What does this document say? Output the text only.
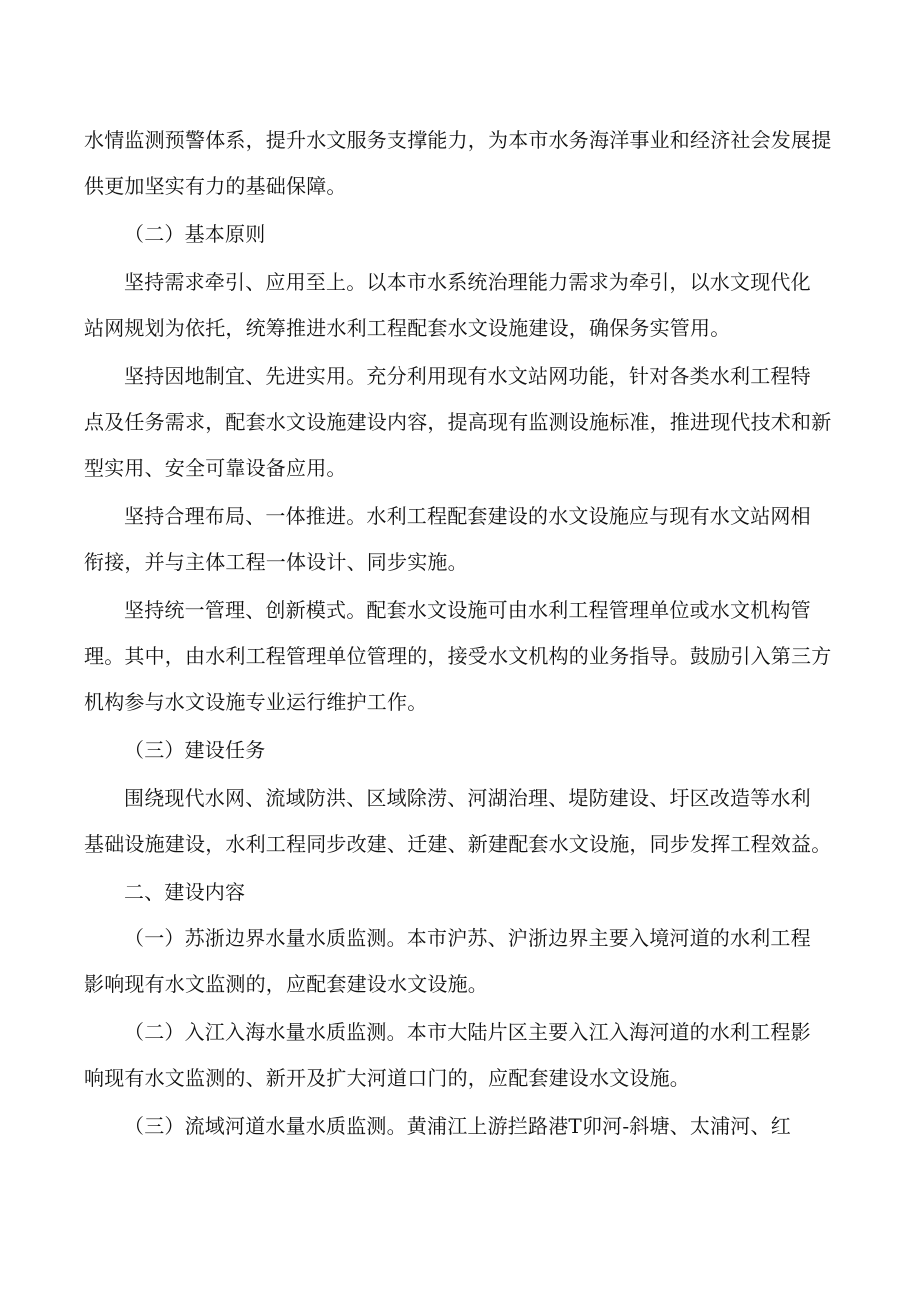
水情监测预警体系，提升水文服务支撑能力，为本市水务海洋事业和经济社会发展提
供更加坚实有力的基础保障。
（二）基本原则
坚持需求牵引、应用至上。以本市水系统治理能力需求为牵引，以水文现代化
站网规划为依托，统筹推进水利工程配套水文设施建设，确保务实管用。
坚持因地制宜、先进实用。充分利用现有水文站网功能，针对各类水利工程特
点及任务需求，配套水文设施建设内容，提高现有监测设施标准，推进现代技术和新
型实用、安全可靠设备应用。
坚持合理布局、一体推进。水利工程配套建设的水文设施应与现有水文站网相
衔接，并与主体工程一体设计、同步实施。
坚持统一管理、创新模式。配套水文设施可由水利工程管理单位或水文机构管
理。其中，由水利工程管理单位管理的，接受水文机构的业务指导。鼓励引入第三方
机构参与水文设施专业运行维护工作。
（三）建设任务
围绕现代水网、流域防洪、区域除涝、河湖治理、堤防建设、圩区改造等水利
基础设施建设，水利工程同步改建、迁建、新建配套水文设施，同步发挥工程效益。
二、建设内容
（一）苏浙边界水量水质监测。本市沪苏、沪浙边界主要入境河道的水利工程
影响现有水文监测的，应配套建设水文设施。
（二）入江入海水量水质监测。本市大陆片区主要入江入海河道的水利工程影
响现有水文监测的、新开及扩大河道口门的，应配套建设水文设施。
（三）流域河道水量水质监测。黄浦江上游拦路港T卯河-斜塘、太浦河、红
